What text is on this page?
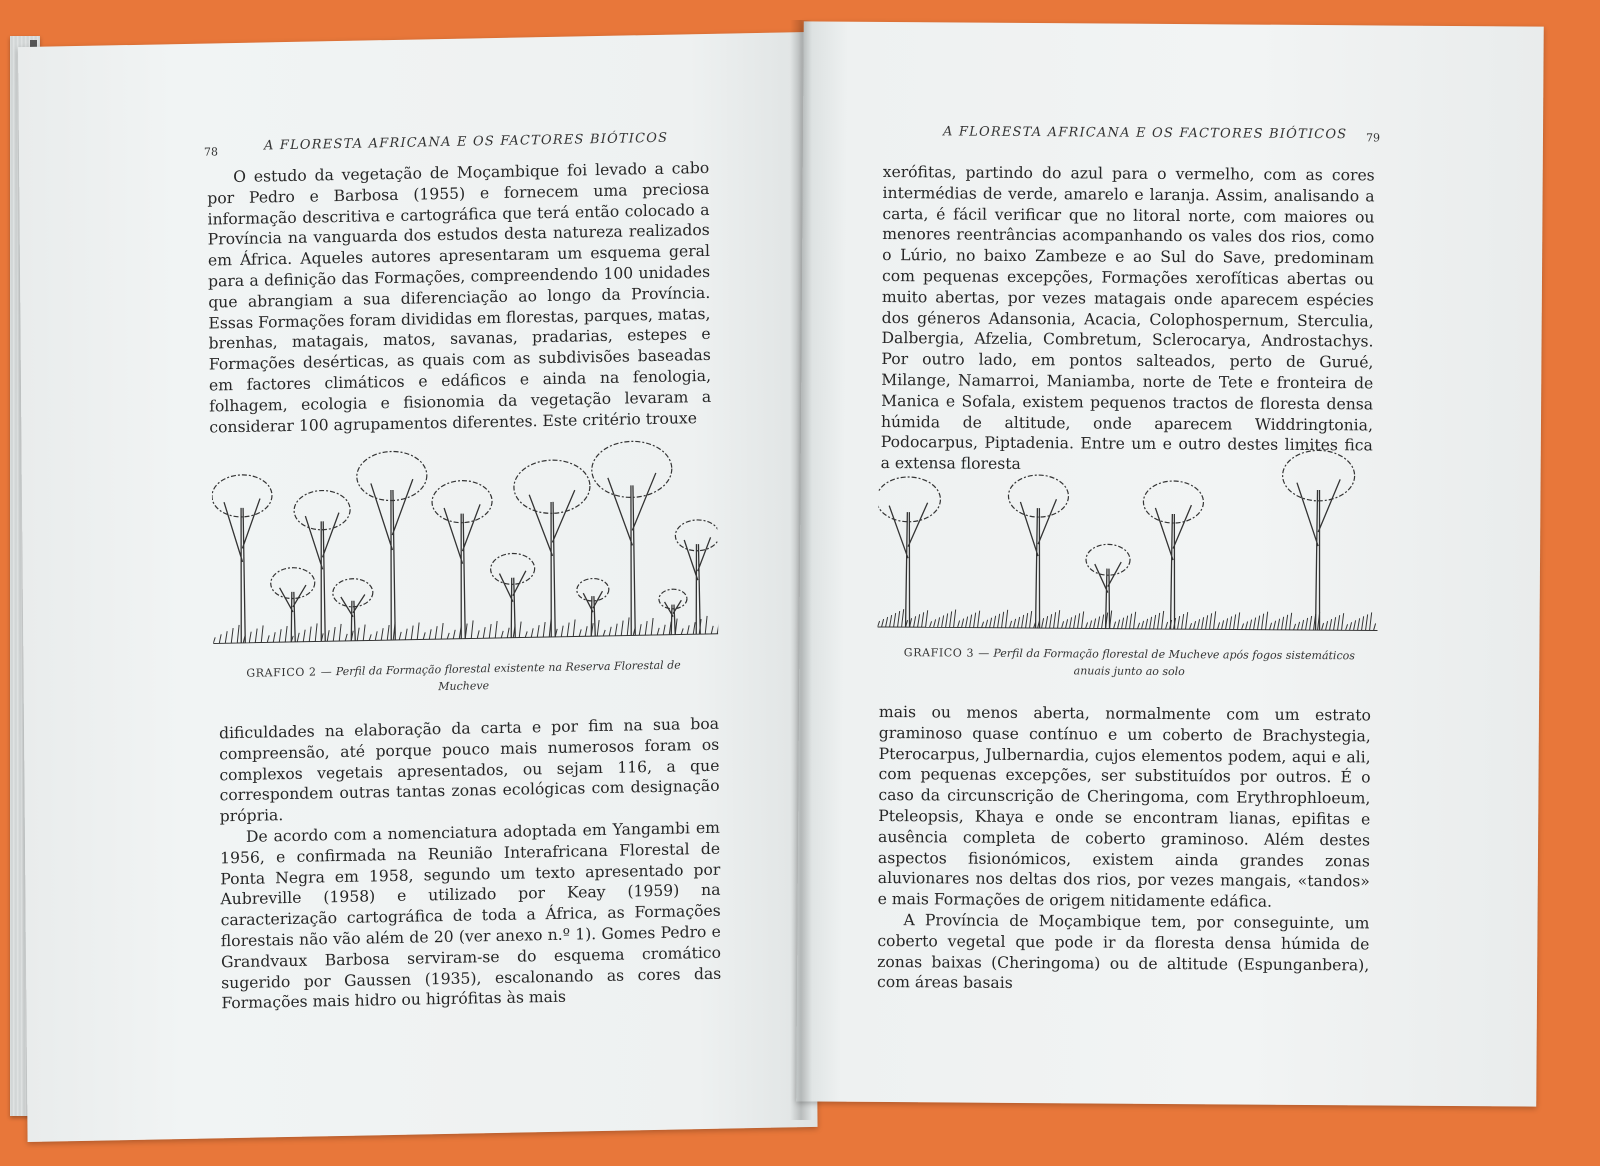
78	A FLORESTA AFRICANA E OS FACTORES BIÓTICOS

O estudo da vegetação de Moçambique foi levado a cabo por Pedro e Barbosa (1955) e fornecem uma preciosa informação descritiva e cartográfica que terá então colocado a Província na vanguarda dos estudos desta natureza realizados em África. Aqueles autores apresentaram um esquema geral para a definição das Formações, compreendendo 100 unidades que abrangiam a sua diferenciação ao longo da Província. Essas Formações foram divididas em florestas, parques, matas, brenhas, matagais, matos, savanas, pradarias, estepes e Formações desérticas, as quais com as subdivisões baseadas em factores climáticos e edáficos e ainda na fenologia, folhagem, ecologia e fisionomia da vegetação levaram a considerar 100 agrupamentos diferentes. Este critério trouxe

GRAFICO 2 — Perfil da Formação florestal existente na Reserva Florestal de Mucheve

dificuldades na elaboração da carta e por fim na sua boa compreensão, até porque pouco mais numerosos foram os complexos vegetais apresentados, ou sejam 116, a que correspondem outras tantas zonas ecológicas com designação própria.

De acordo com a nomenciatura adoptada em Yangambi em 1956, e confirmada na Reunião Interafricana Florestal de Ponta Negra em 1958, segundo um texto apresentado por Aubreville (1958) e utilizado por Keay (1959) na caracterização cartográfica de toda a África, as Formações florestais não vão além de 20 (ver anexo n.º 1). Gomes Pedro e Grandvaux Barbosa serviram-se do esquema cromático sugerido por Gaussen (1935), escalonando as cores das Formações mais hidro ou higrófitas às mais

A FLORESTA AFRICANA E OS FACTORES BIÓTICOS 79

xerófitas, partindo do azul para o vermelho, com as cores intermédias de verde, amarelo e laranja. Assim, analisando a carta, é fácil verificar que no litoral norte, com maiores ou menores reentrâncias acompanhando os vales dos rios, como o Lúrio, no baixo Zambeze e ao Sul do Save, predominam com pequenas excepções, Formações xerofíticas abertas ou muito abertas, por vezes matagais onde aparecem espécies dos géneros Adansonia, Acacia, Colophospernum, Sterculia, Dalbergia, Afzelia, Combretum, Sclerocarya, Androstachys. Por outro lado, em pontos salteados, perto de Gurué, Milange, Namarroi, Maniamba, norte de Tete e fronteira de Manica e Sofala, existem pequenos tractos de floresta densa húmida de altitude, onde aparecem Widdringtonia, Podocarpus, Piptadenia. Entre um e outro destes limites fica a extensa floresta

GRAFICO 3 — Perfil da Formação florestal de Mucheve após fogos sistemáticos anuais junto ao solo

mais ou menos aberta, normalmente com um estrato graminoso quase contínuo e um coberto de Brachystegia, Pterocarpus, Julbernardia, cujos elementos podem, aqui e ali, com pequenas excepções, ser substituídos por outros. É o caso da circunscrição de Cheringoma, com Erythrophloeum, Pteleopsis, Khaya e onde se encontram lianas, epifitas e ausência completa de coberto graminoso. Além destes aspectos fisionómicos, existem ainda grandes zonas aluvionares nos deltas dos rios, por vezes mangais, «tandos» e mais Formações de origem nitidamente edáfica.

A Província de Moçambique tem, por conseguinte, um coberto vegetal que pode ir da floresta densa húmida de zonas baixas (Cheringoma) ou de altitude (Espunganbera), com áreas basais
